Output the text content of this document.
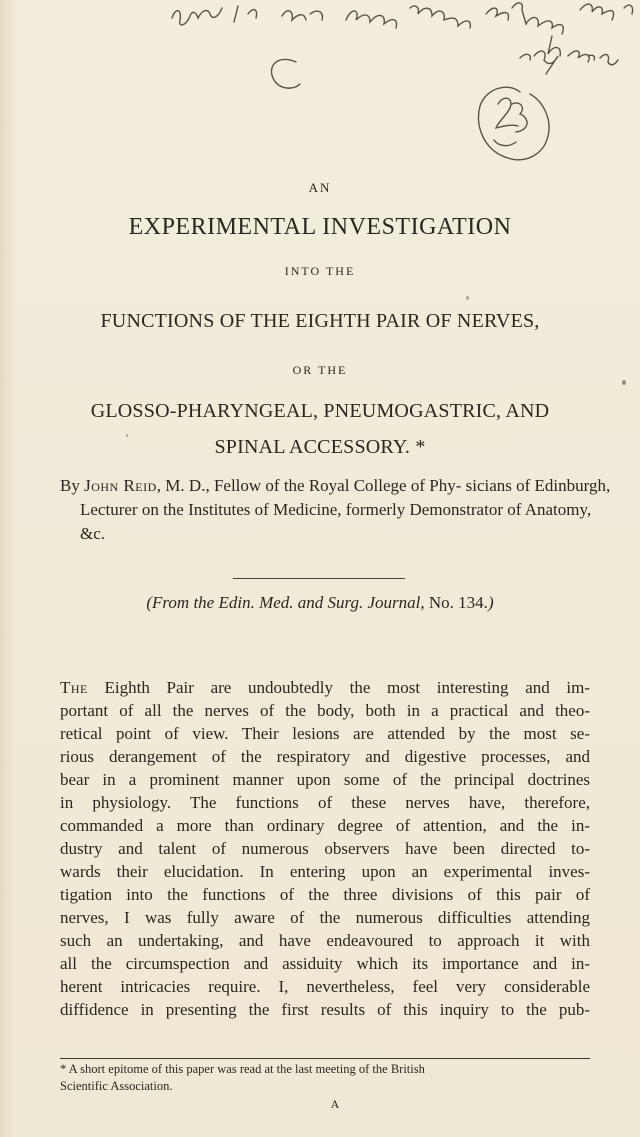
AN
EXPERIMENTAL INVESTIGATION
INTO THE
FUNCTIONS OF THE EIGHTH PAIR OF NERVES,
OR THE
GLOSSO-PHARYNGEAL, PNEUMOGASTRIC, AND
SPINAL ACCESSORY. *
By John Reid, M. D., Fellow of the Royal College of Phy- sicians of Edinburgh, Lecturer on the Institutes of Medicine, formerly Demonstrator of Anatomy, &c.
(From the Edin. Med. and Surg. Journal, No. 134.)
The Eighth Pair are undoubtedly the most interesting and im-
portant of all the nerves of the body, both in a practical and theo-
retical point of view. Their lesions are attended by the most se-
rious derangement of the respiratory and digestive processes, and
bear in a prominent manner upon some of the principal doctrines
in physiology. The functions of these nerves have, therefore,
commanded a more than ordinary degree of attention, and the in-
dustry and talent of numerous observers have been directed to-
wards their elucidation. In entering upon an experimental inves-
tigation into the functions of the three divisions of this pair of
nerves, I was fully aware of the numerous difficulties attending
such an undertaking, and have endeavoured to approach it with
all the circumspection and assiduity which its importance and in-
herent intricacies require. I, nevertheless, feel very considerable
diffidence in presenting the first results of this inquiry to the pub-
* A short epitome of this paper was read at the last meeting of the British
Scientific Association.
A
